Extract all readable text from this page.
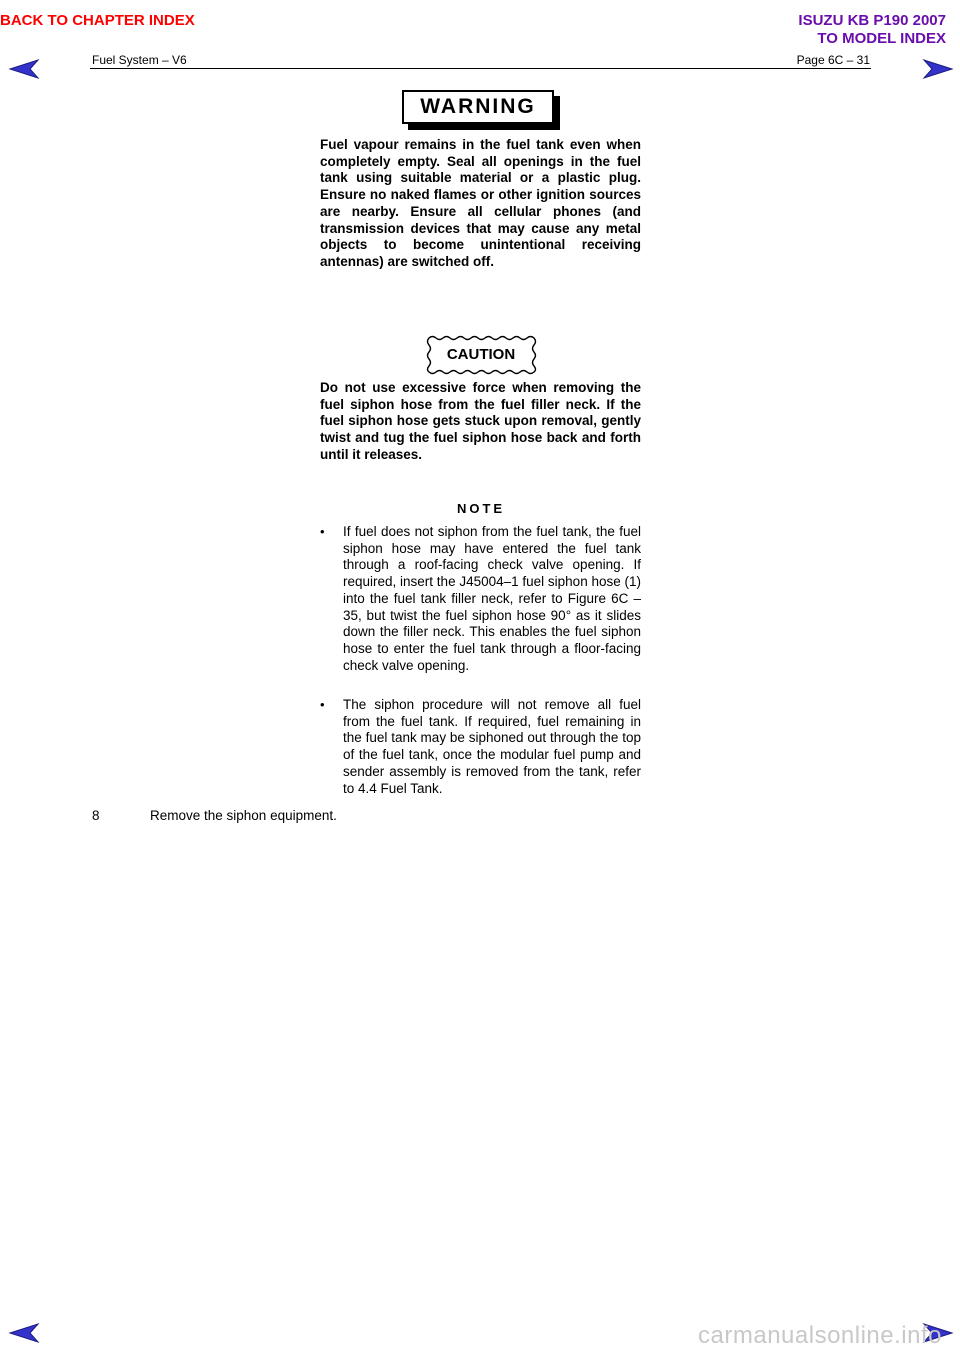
BACK TO CHAPTER INDEX	ISUZU KB P190 2007
TO MODEL INDEX
Fuel System – V6	Page 6C – 31
WARNING
Fuel vapour remains in the fuel tank even when completely empty. Seal all openings in the fuel tank using suitable material or a plastic plug. Ensure no naked flames or other ignition sources are nearby. Ensure all cellular phones (and transmission devices that may cause any metal objects to become unintentional receiving antennas) are switched off.
CAUTION
Do not use excessive force when removing the fuel siphon hose from the fuel filler neck. If the fuel siphon hose gets stuck upon removal, gently twist and tug the fuel siphon hose back and forth until it releases.
NOTE
•	If fuel does not siphon from the fuel tank, the fuel siphon hose may have entered the fuel tank through a roof-facing check valve opening. If required, insert the J45004–1 fuel siphon hose (1) into the fuel tank filler neck, refer to Figure 6C – 35, but twist the fuel siphon hose 90° as it slides down the filler neck. This enables the fuel siphon hose to enter the fuel tank through a floor-facing check valve opening.
•	The siphon procedure will not remove all fuel from the fuel tank. If required, fuel remaining in the fuel tank may be siphoned out through the top of the fuel tank, once the modular fuel pump and sender assembly is removed from the tank, refer to 4.4 Fuel Tank.
8	Remove the siphon equipment.
carmanualsonline.info
